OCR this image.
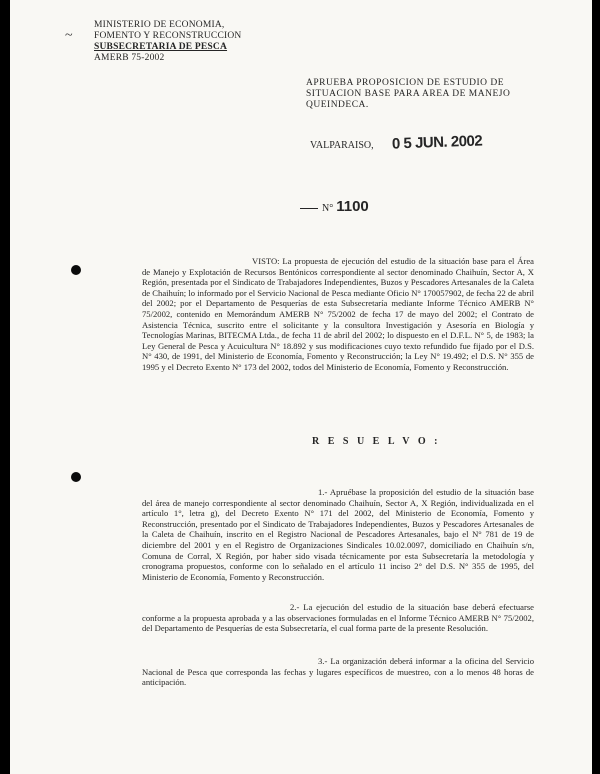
~
MINISTERIO DE ECONOMIA,
FOMENTO Y RECONSTRUCCION
SUBSECRETARIA DE PESCA
AMERB 75-2002
APRUEBA PROPOSICION DE ESTUDIO DE SITUACION BASE PARA AREA DE MANEJO QUEINDECA.
VALPARAISO, 0 5 JUN. 2002
N° 1100
VISTO: La propuesta de ejecución del estudio de la situación base para el Área de Manejo y Explotación de Recursos Bentónicos correspondiente al sector denominado Chaihuín, Sector A, X Región, presentada por el Sindicato de Trabajadores Independientes, Buzos y Pescadores Artesanales de la Caleta de Chaihuín; lo informado por el Servicio Nacional de Pesca mediante Oficio N° 170057902, de fecha 22 de abril del 2002; por el Departamento de Pesquerías de esta Subsecretaría mediante Informe Técnico AMERB N° 75/2002, contenido en Memorándum AMERB N° 75/2002 de fecha 17 de mayo del 2002; el Contrato de Asistencia Técnica, suscrito entre el solicitante y la consultora Investigación y Asesoría en Biología y Tecnologías Marinas, BITECMA Ltda., de fecha 11 de abril del 2002; lo dispuesto en el D.F.L. N° 5, de 1983; la Ley General de Pesca y Acuicultura N° 18.892 y sus modificaciones cuyo texto refundido fue fijado por el D.S. N° 430, de 1991, del Ministerio de Economía, Fomento y Reconstrucción; la Ley N° 19.492; el D.S. N° 355 de 1995 y el Decreto Exento N° 173 del 2002, todos del Ministerio de Economía, Fomento y Reconstrucción.
R E S U E L V O :
1.- Apruébase la proposición del estudio de la situación base del área de manejo correspondiente al sector denominado Chaihuín, Sector A, X Región, individualizada en el artículo 1°, letra g), del Decreto Exento N° 171 del 2002, del Ministerio de Economía, Fomento y Reconstrucción, presentado por el Sindicato de Trabajadores Independientes, Buzos y Pescadores Artesanales de la Caleta de Chaihuín, inscrito en el Registro Nacional de Pescadores Artesanales, bajo el N° 781 de 19 de diciembre del 2001 y en el Registro de Organizaciones Sindicales 10.02.0097, domiciliado en Chaihuín s/n, Comuna de Corral, X Región, por haber sido visada técnicamente por esta Subsecretaría la metodología y cronograma propuestos, conforme con lo señalado en el artículo 11 inciso 2° del D.S. N° 355 de 1995, del Ministerio de Economía, Fomento y Reconstrucción.
2.- La ejecución del estudio de la situación base deberá efectuarse conforme a la propuesta aprobada y a las observaciones formuladas en el Informe Técnico AMERB N° 75/2002, del Departamento de Pesquerías de esta Subsecretaría, el cual forma parte de la presente Resolución.
3.- La organización deberá informar a la oficina del Servicio Nacional de Pesca que corresponda las fechas y lugares específicos de muestreo, con a lo menos 48 horas de anticipación.
